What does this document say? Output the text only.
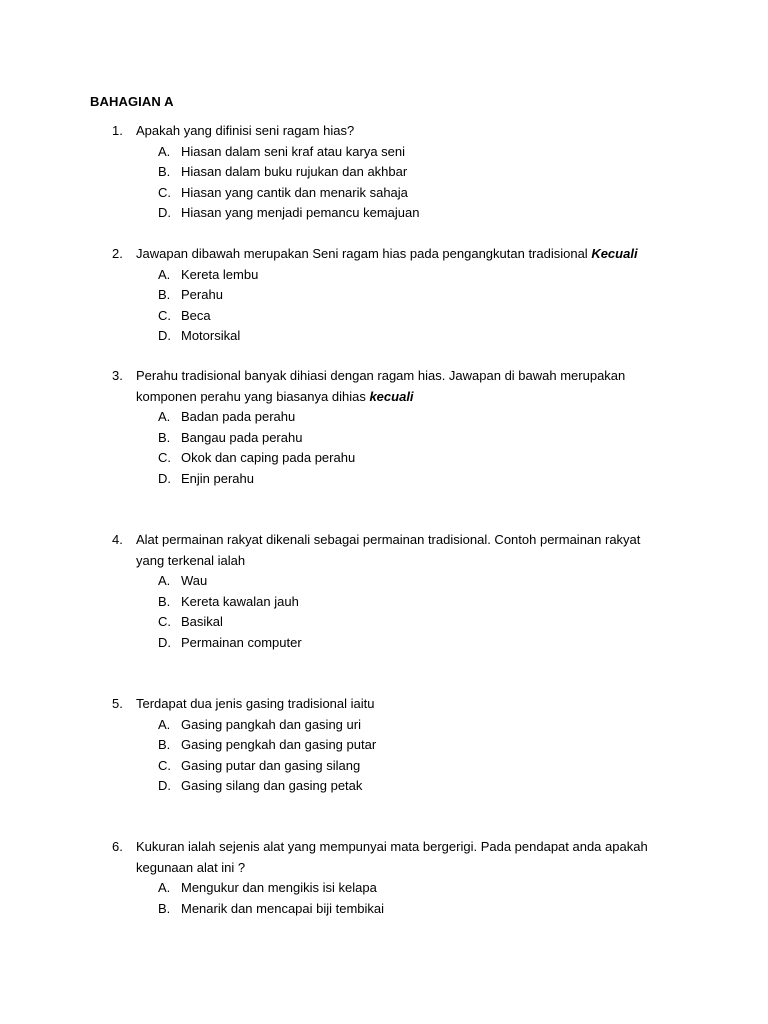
BAHAGIAN A
1. Apakah yang difinisi seni ragam hias?
A. Hiasan dalam seni kraf atau karya seni
B. Hiasan dalam buku rujukan dan akhbar
C. Hiasan yang cantik dan menarik sahaja
D. Hiasan yang menjadi pemancu kemajuan
2. Jawapan dibawah merupakan Seni ragam hias pada pengangkutan tradisional Kecuali
A. Kereta lembu
B. Perahu
C. Beca
D. Motorsikal
3. Perahu tradisional banyak dihiasi dengan ragam hias. Jawapan di bawah merupakan
komponen perahu yang biasanya dihias kecuali
A. Badan pada perahu
B. Bangau pada perahu
C. Okok dan caping pada perahu
D. Enjin perahu
4. Alat permainan rakyat dikenali sebagai permainan tradisional. Contoh permainan rakyat
yang terkenal ialah
A. Wau
B. Kereta kawalan jauh
C. Basikal
D. Permainan computer
5. Terdapat dua jenis gasing tradisional iaitu
A. Gasing pangkah dan gasing uri
B. Gasing pengkah dan gasing putar
C. Gasing putar dan gasing silang
D. Gasing silang dan gasing petak
6. Kukuran ialah sejenis alat yang mempunyai mata bergerigi. Pada pendapat anda apakah
kegunaan alat ini ?
A. Mengukur dan mengikis isi kelapa
B. Menarik dan mencapai biji tembikai
